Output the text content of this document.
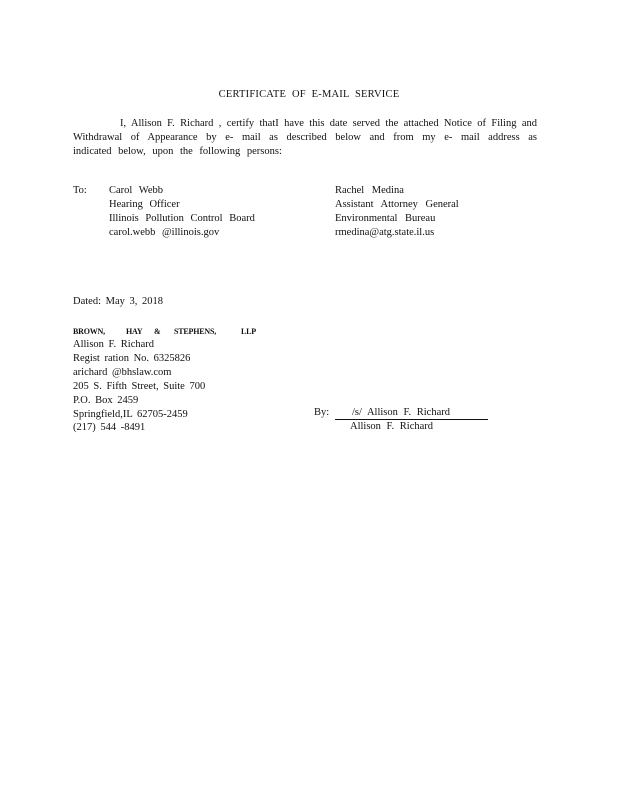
CERTIFICATE OF E-MAIL SERVICE
I, Allison F. Richard , certify thatI have this date served the attached Notice of Filing and
Withdrawal of Appearance by e- mail as described below and from my e- mail address as
indicated below, upon the following persons:
To: Carol Webb
Hearing Officer
Illinois Pollution Control Board
carol.webb @illinois.gov
Rachel Medina
Assistant Attorney General
Environmental Bureau
rmedina@atg.state.il.us
Dated: May 3, 2018
BROWN,	HAY & STEPHENS,	LLP
Allison F. Richard
Regist ration No. 6325826
arichard @bhslaw.com
205 S. Fifth Street, Suite 700
P.O. Box 2459
Springfield,IL 62705-2459
(217) 544 -8491
By: /s/ Allison F. Richard
Allison F. Richard
